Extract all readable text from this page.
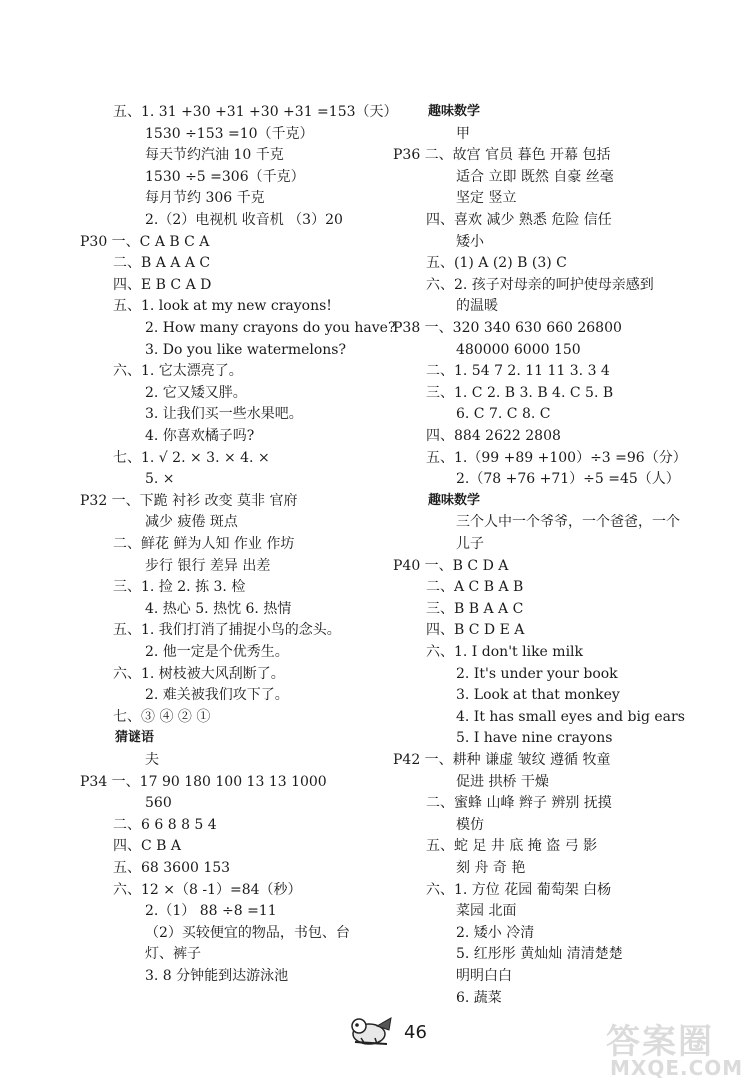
46	答案圈
MXQE.COM
五、1. 31 +30 +31 +30 +31 =153（天）
1530 ÷153 =10（千克）
每天节约汽油 10 千克
1530 ÷5 =306（千克）
每月节约 306 千克
2.（2）电视机 收音机 （3）20
P30 一、C A B C A
二、B A A A C
四、E B C A D
五、1. look at my new crayons!
2. How many crayons do you have?
3. Do you like watermelons?
六、1. 它太漂亮了。
2. 它又矮又胖。
3. 让我们买一些水果吧。
4. 你喜欢橘子吗?
七、1. √ 2. × 3. × 4. ×
5. ×
P32 一、下跪 衬衫 改变 莫非 官府
减少 疲倦 斑点
二、鲜花 鲜为人知 作业 作坊
步行 银行 差异 出差
三、1. 捡 2. 拣 3. 检
4. 热心 5. 热忱 6. 热情
五、1. 我们打消了捕捉小鸟的念头。
2. 他一定是个优秀生。
六、1. 树枝被大风刮断了。
2. 难关被我们攻下了。
七、③ ④ ② ①
猜谜语
夫
P34 一、17 90 180 100 13 13 1000
560
二、6 6 8 8 5 4
四、C B A
五、68 3600 153
六、12 ×（8 -1）=84（秒）
2.（1） 88 ÷8 =11
（2）买较便宜的物品，书包、台
灯、裤子
3. 8 分钟能到达游泳池
趣味数学
甲
P36 二、故宫 官员 暮色 开幕 包括
适合 立即 既然 自豪 丝毫
坚定 竖立
四、喜欢 减少 熟悉 危险 信任
矮小
五、(1) A (2) B (3) C
六、2. 孩子对母亲的呵护使母亲感到
的温暖
P38 一、320 340 630 660 26800
480000 6000 150
二、1. 54 7 2. 11 11 3. 3 4
三、1. C 2. B 3. B 4. C 5. B
6. C 7. C 8. C
四、884 2622 2808
五、1.（99 +89 +100）÷3 =96（分）
2.（78 +76 +71）÷5 =45（人）
趣味数学
三个人中一个爷爷，一个爸爸，一个
儿子
P40 一、B C D A
二、A C B A B
三、B B A A C
四、B C D E A
六、1. I don't like milk
2. It's under your book
3. Look at that monkey
4. It has small eyes and big ears
5. I have nine crayons
P42 一、耕种 谦虚 皱纹 遵循 牧童
促进 拱桥 干燥
二、蜜蜂 山峰 辫子 辨别 抚摸
模仿
五、蛇 足 井 底 掩 盗 弓 影
刻 舟 奇 艳
六、1. 方位 花园 葡萄架 白杨
菜园 北面
2. 矮小 冷清
5. 红彤彤 黄灿灿 清清楚楚
明明白白
6. 蔬菜
